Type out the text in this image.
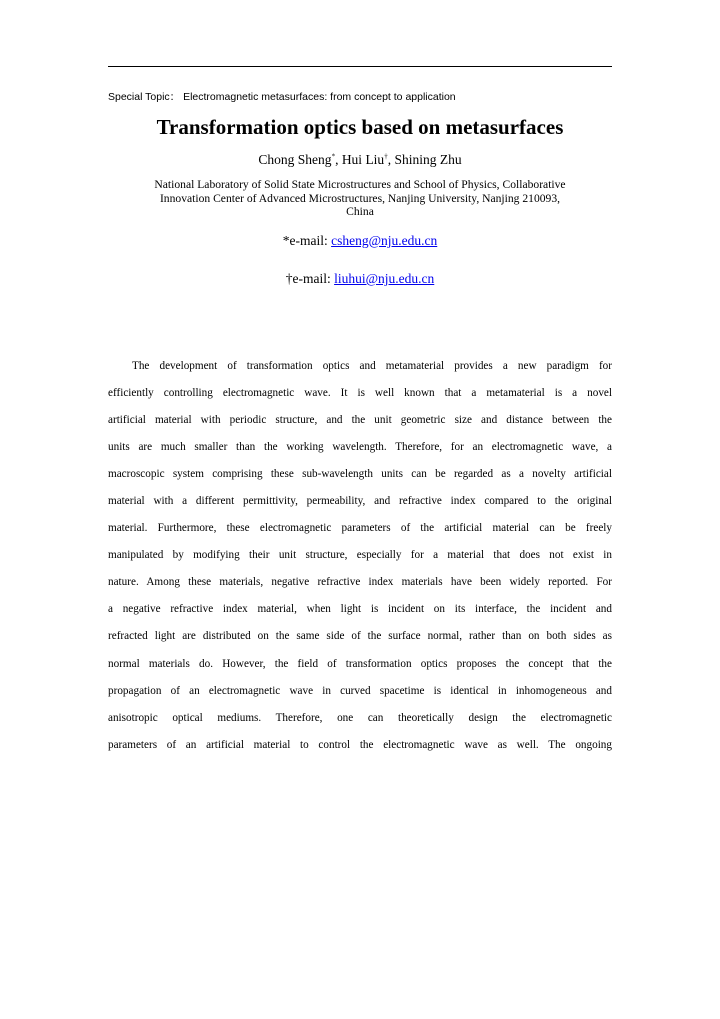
Special Topic： Electromagnetic metasurfaces: from concept to application
Transformation optics based on metasurfaces
Chong Sheng*, Hui Liu†, Shining Zhu
National Laboratory of Solid State Microstructures and School of Physics, Collaborative
Innovation Center of Advanced Microstructures, Nanjing University, Nanjing 210093,
China
*e-mail: csheng@nju.edu.cn
†e-mail: liuhui@nju.edu.cn
The development of transformation optics and metamaterial provides a new paradigm for
efficiently controlling electromagnetic wave. It is well known that a metamaterial is a novel
artificial material with periodic structure, and the unit geometric size and distance between the
units are much smaller than the working wavelength. Therefore, for an electromagnetic wave, a
macroscopic system comprising these sub-wavelength units can be regarded as a novelty artificial
material with a different permittivity, permeability, and refractive index compared to the original
material. Furthermore, these electromagnetic parameters of the artificial material can be freely
manipulated by modifying their unit structure, especially for a material that does not exist in
nature. Among these materials, negative refractive index materials have been widely reported. For
a negative refractive index material, when light is incident on its interface, the incident and
refracted light are distributed on the same side of the surface normal, rather than on both sides as
normal materials do. However, the field of transformation optics proposes the concept that the
propagation of an electromagnetic wave in curved spacetime is identical in inhomogeneous and
anisotropic optical mediums. Therefore, one can theoretically design the electromagnetic
parameters of an artificial material to control the electromagnetic wave as well. The ongoing
